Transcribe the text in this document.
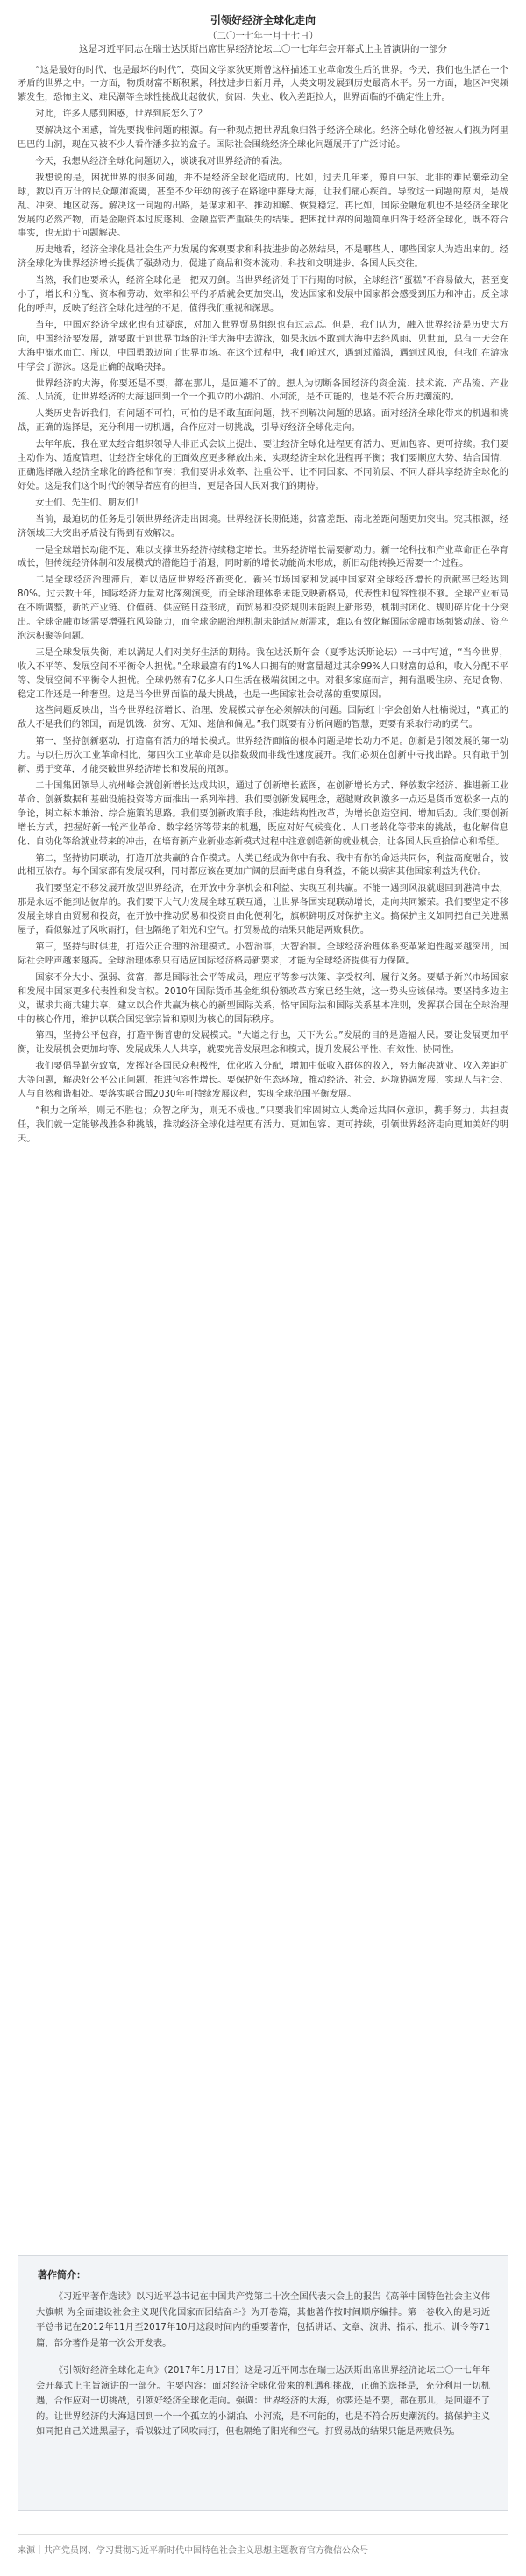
引领好经济全球化走向

（二〇一七年一月十七日）

这是习近平同志在瑞士达沃斯出席世界经济论坛二〇一七年年会开幕式上主旨演讲的一部分

“这是最好的时代，也是最坏的时代”，英国文学家狄更斯曾这样描述工业革命发生后的世界。今天，我们也生活在一个矛盾的世界之中。一方面，物质财富不断积累，科技进步日新月异，人类文明发展到历史最高水平。另一方面，地区冲突频繁发生，恐怖主义、难民潮等全球性挑战此起彼伏，贫困、失业、收入差距拉大，世界面临的不确定性上升。

对此，许多人感到困惑，世界到底怎么了？

要解决这个困惑，首先要找准问题的根源。有一种观点把世界乱象归咎于经济全球化。经济全球化曾经被人们视为阿里巴巴的山洞，现在又被不少人看作潘多拉的盒子。国际社会围绕经济全球化问题展开了广泛讨论。

今天，我想从经济全球化问题切入，谈谈我对世界经济的看法。

我想说的是，困扰世界的很多问题，并不是经济全球化造成的。比如，过去几年来，源自中东、北非的难民潮牵动全球，数以百万计的民众颠沛流离，甚至不少年幼的孩子在路途中葬身大海，让我们痛心疾首。导致这一问题的原因，是战乱、冲突、地区动荡。解决这一问题的出路，是谋求和平、推动和解、恢复稳定。再比如，国际金融危机也不是经济全球化发展的必然产物，而是金融资本过度逐利、金融监管严重缺失的结果。把困扰世界的问题简单归咎于经济全球化，既不符合事实，也无助于问题解决。

历史地看，经济全球化是社会生产力发展的客观要求和科技进步的必然结果，不是哪些人、哪些国家人为造出来的。经济全球化为世界经济增长提供了强劲动力，促进了商品和资本流动、科技和文明进步、各国人民交往。

当然，我们也要承认，经济全球化是一把双刃剑。当世界经济处于下行期的时候，全球经济“蛋糕”不容易做大，甚至变小了，增长和分配、资本和劳动、效率和公平的矛盾就会更加突出，发达国家和发展中国家都会感受到压力和冲击。反全球化的呼声，反映了经济全球化进程的不足，值得我们重视和深思。

当年，中国对经济全球化也有过疑虑，对加入世界贸易组织也有过忐忑。但是，我们认为，融入世界经济是历史大方向，中国经济要发展，就要敢于到世界市场的汪洋大海中去游泳，如果永远不敢到大海中去经风雨、见世面，总有一天会在大海中溺水而亡。所以，中国勇敢迈向了世界市场。在这个过程中，我们呛过水，遇到过漩涡，遇到过风浪，但我们在游泳中学会了游泳。这是正确的战略抉择。

世界经济的大海，你要还是不要，都在那儿，是回避不了的。想人为切断各国经济的资金流、技术流、产品流、产业流、人员流，让世界经济的大海退回到一个一个孤立的小湖泊、小河流，是不可能的，也是不符合历史潮流的。

人类历史告诉我们，有问题不可怕，可怕的是不敢直面问题，找不到解决问题的思路。面对经济全球化带来的机遇和挑战，正确的选择是，充分利用一切机遇，合作应对一切挑战，引导好经济全球化走向。

去年年底，我在亚太经合组织领导人非正式会议上提出，要让经济全球化进程更有活力、更加包容、更可持续。我们要主动作为、适度管理，让经济全球化的正面效应更多释放出来，实现经济全球化进程再平衡；我们要顺应大势、结合国情，正确选择融入经济全球化的路径和节奏；我们要讲求效率、注重公平，让不同国家、不同阶层、不同人群共享经济全球化的好处。这是我们这个时代的领导者应有的担当，更是各国人民对我们的期待。

女士们、先生们、朋友们！

当前，最迫切的任务是引领世界经济走出困境。世界经济长期低迷，贫富差距、南北差距问题更加突出。究其根源，经济领域三大突出矛盾没有得到有效解决。

一是全球增长动能不足，难以支撑世界经济持续稳定增长。世界经济增长需要新动力。新一轮科技和产业革命正在孕育成长，但传统经济体制和发展模式的潜能趋于消退，同时新的增长动能尚未形成，新旧动能转换还需要一个过程。

二是全球经济治理滞后，难以适应世界经济新变化。新兴市场国家和发展中国家对全球经济增长的贡献率已经达到80%。过去数十年，国际经济力量对比深刻演变，而全球治理体系未能反映新格局，代表性和包容性很不够。全球产业布局在不断调整，新的产业链、价值链、供应链日益形成，而贸易和投资规则未能跟上新形势，机制封闭化、规则碎片化十分突出。全球金融市场需要增强抗风险能力，而全球金融治理机制未能适应新需求，难以有效化解国际金融市场频繁动荡、资产泡沫积聚等问题。

三是全球发展失衡，难以满足人们对美好生活的期待。我在达沃斯年会（夏季达沃斯论坛）一书中写道，“当今世界，收入不平等、发展空间不平衡令人担忧。”全球最富有的1%人口拥有的财富量超过其余99%人口财富的总和，收入分配不平等、发展空间不平衡令人担忧。全球仍然有7亿多人口生活在极端贫困之中。对很多家庭而言，拥有温暖住房、充足食物、稳定工作还是一种奢望。这是当今世界面临的最大挑战，也是一些国家社会动荡的重要原因。

这些问题反映出，当今世界经济增长、治理、发展模式存在必须解决的问题。国际红十字会创始人杜楠说过，“真正的敌人不是我们的邻国，而是饥饿、贫穷、无知、迷信和偏见。”我们既要有分析问题的智慧，更要有采取行动的勇气。

第一，坚持创新驱动，打造富有活力的增长模式。世界经济面临的根本问题是增长动力不足。创新是引领发展的第一动力。与以往历次工业革命相比，第四次工业革命是以指数级而非线性速度展开。我们必须在创新中寻找出路。只有敢于创新、勇于变革，才能突破世界经济增长和发展的瓶颈。

二十国集团领导人杭州峰会就创新增长达成共识，通过了创新增长蓝图，在创新增长方式、释放数字经济、推进新工业革命、创新数据和基础设施投资等方面推出一系列举措。我们要创新发展理念，超越财政刺激多一点还是货币宽松多一点的争论，树立标本兼治、综合施策的思路。我们要创新政策手段，推进结构性改革，为增长创造空间、增加后劲。我们要创新增长方式，把握好新一轮产业革命、数字经济等带来的机遇，既应对好气候变化、人口老龄化等带来的挑战，也化解信息化、自动化等给就业带来的冲击，在培育新产业新业态新模式过程中注意创造新的就业机会，让各国人民重拾信心和希望。

第二，坚持协同联动，打造开放共赢的合作模式。人类已经成为你中有我、我中有你的命运共同体，利益高度融合，彼此相互依存。每个国家都有发展权利，同时都应该在更加广阔的层面考虑自身利益，不能以损害其他国家利益为代价。

我们要坚定不移发展开放型世界经济，在开放中分享机会和利益、实现互利共赢。不能一遇到风浪就退回到港湾中去，那是永远不能到达彼岸的。我们要下大气力发展全球互联互通，让世界各国实现联动增长，走向共同繁荣。我们要坚定不移发展全球自由贸易和投资，在开放中推动贸易和投资自由化便利化，旗帜鲜明反对保护主义。搞保护主义如同把自己关进黑屋子，看似躲过了风吹雨打，但也隔绝了阳光和空气。打贸易战的结果只能是两败俱伤。

第三，坚持与时俱进，打造公正合理的治理模式。小智治事，大智治制。全球经济治理体系变革紧迫性越来越突出，国际社会呼声越来越高。全球治理体系只有适应国际经济格局新要求，才能为全球经济提供有力保障。

国家不分大小、强弱、贫富，都是国际社会平等成员，理应平等参与决策、享受权利、履行义务。要赋予新兴市场国家和发展中国家更多代表性和发言权。2010年国际货币基金组织份额改革方案已经生效，这一势头应该保持。要坚持多边主义，谋求共商共建共享，建立以合作共赢为核心的新型国际关系，恪守国际法和国际关系基本准则，发挥联合国在全球治理中的核心作用，维护以联合国宪章宗旨和原则为核心的国际秩序。

第四，坚持公平包容，打造平衡普惠的发展模式。“大道之行也，天下为公。”发展的目的是造福人民。要让发展更加平衡，让发展机会更加均等、发展成果人人共享，就要完善发展理念和模式，提升发展公平性、有效性、协同性。

我们要倡导勤劳致富，发挥好各国民众积极性，优化收入分配，增加中低收入群体的收入，努力解决就业、收入差距扩大等问题，解决好公平公正问题，推进包容性增长。要保护好生态环境，推动经济、社会、环境协调发展，实现人与社会、人与自然和谐相处。要落实联合国2030年可持续发展议程，实现全球范围平衡发展。

“积力之所举，则无不胜也；众智之所为，则无不成也。”只要我们牢固树立人类命运共同体意识，携手努力、共担责任，我们就一定能够战胜各种挑战，推动经济全球化进程更有活力、更加包容、更可持续，引领世界经济走向更加美好的明天。

著作简介：

《习近平著作选读》以习近平总书记在中国共产党第二十次全国代表大会上的报告《高举中国特色社会主义伟大旗帜 为全面建设社会主义现代化国家而团结奋斗》为开卷篇，其他著作按时间顺序编排。第一卷收入的是习近平总书记在2012年11月至2017年10月这段时间内的重要著作，包括讲话、文章、演讲、指示、批示、训令等71篇，部分著作是第一次公开发表。

《引领好经济全球化走向》（2017年1月17日）这是习近平同志在瑞士达沃斯出席世界经济论坛二〇一七年年会开幕式上主旨演讲的一部分。主要内容：面对经济全球化带来的机遇和挑战，正确的选择是，充分利用一切机遇，合作应对一切挑战，引领好经济全球化走向。强调：世界经济的大海，你要还是不要，都在那儿，是回避不了的。让世界经济的大海退回到一个一个孤立的小湖泊、小河流，是不可能的，也是不符合历史潮流的。搞保护主义如同把自己关进黑屋子，看似躲过了风吹雨打，但也隔绝了阳光和空气。打贸易战的结果只能是两败俱伤。

来源｜共产党员网、学习贯彻习近平新时代中国特色社会主义思想主题教育官方微信公众号
